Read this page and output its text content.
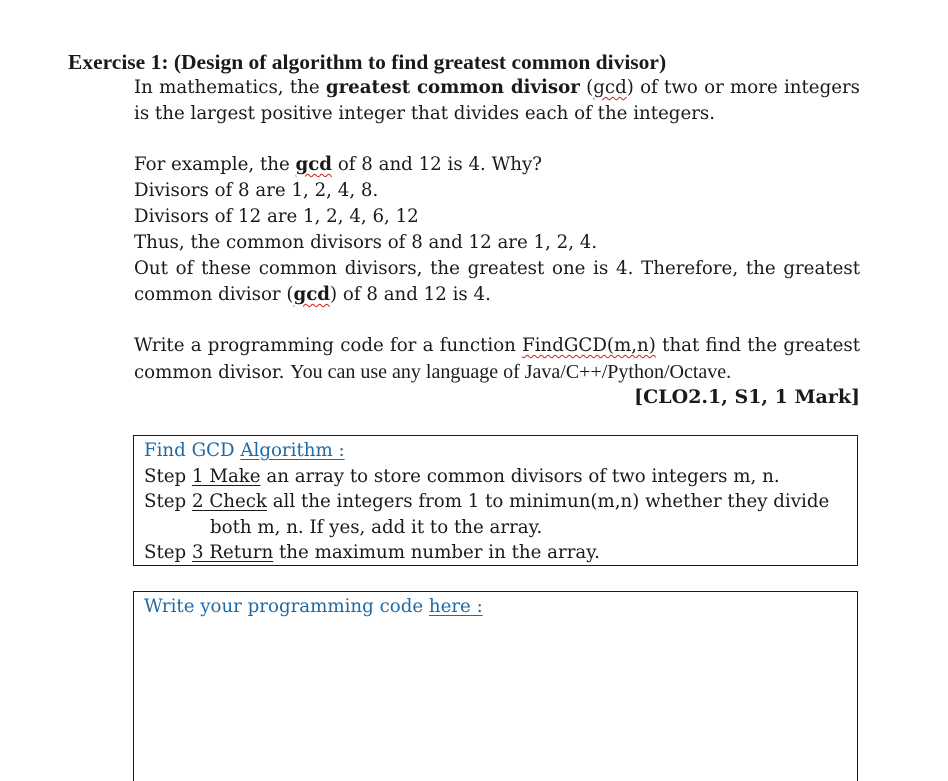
Exercise 1: (Design of algorithm to find greatest common divisor)
In mathematics, the greatest common divisor (gcd) of two or more integers
is the largest positive integer that divides each of the integers.
For example, the gcd of 8 and 12 is 4. Why?
Divisors of 8 are 1, 2, 4, 8.
Divisors of 12 are 1, 2, 4, 6, 12
Thus, the common divisors of 8 and 12 are 1, 2, 4.
Out of these common divisors, the greatest one is 4. Therefore, the greatest
common divisor (gcd) of 8 and 12 is 4.
Write a programming code for a function FindGCD(m,n) that find the greatest
common divisor. You can use any language of Java/C++/Python/Octave.
[CLO2.1, S1, 1 Mark]
Find GCD Algorithm :
Step 1 Make an array to store common divisors of two integers m, n.
Step 2 Check all the integers from 1 to minimun(m,n) whether they divide
both m, n. If yes, add it to the array.
Step 3 Return the maximum number in the array.
Write your programming code here :
